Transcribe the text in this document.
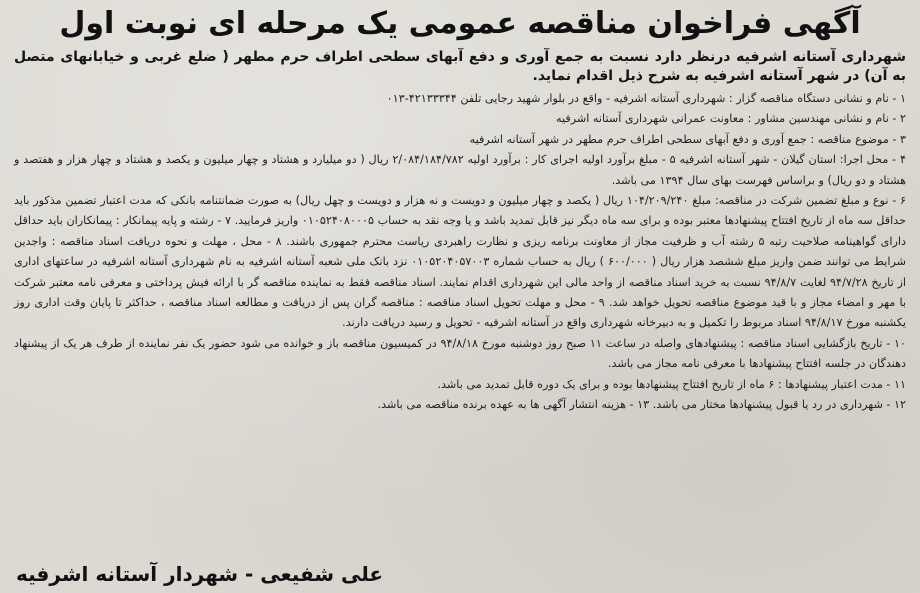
آگهی فراخوان مناقصه عمومی یک مرحله ای نوبت اول

شهرداری آستانه اشرفیه درنظر دارد نسبت به جمع آوری و دفع آبهای سطحی اطراف حرم مطهر ( ضلع غربی و خیابانهای متصل به آن) در شهر آستانه اشرفیه به شرح ذیل اقدام نماید.

۱ - نام و نشانی دستگاه مناقصه گزار : شهرداری آستانه اشرفیه - واقع در بلوار شهید رجایی تلفن ۴۲۱۳۳۳۴۴-۰۱۳

۲ - نام و نشانی مهندسین مشاور : معاونت عمرانی شهرداری آستانه اشرفیه

۳ - موضوع مناقصه : جمع آوری و دفع آبهای سطحی اطراف حرم مطهر در شهر آستانه اشرفیه

۴ - محل اجرا: استان گیلان - شهر آستانه اشرفیه ۵ - مبلغ برآورد اولیه اجرای کار : برآورد اولیه ۲/۰۸۴/۱۸۴/۷۸۲ ریال ( دو میلیارد و هشتاد و چهار میلیون و یکصد و هشتاد و چهار هزار و هفتصد و هشتاد و دو ریال) و براساس فهرست بهای سال ۱۳۹۴ می باشد.

۶ - نوع و مبلغ تضمین شرکت در مناقصه: مبلغ ۱۰۴/۲۰۹/۲۴۰ ریال ( یکصد و چهار میلیون و دویست و نه هزار و دویست و چهل ریال) به صورت ضمانتنامه بانکی که مدت اعتبار تضمین مذکور باید حداقل سه ماه از تاریخ افتتاح پیشنهادها معتبر بوده و برای سه ماه دیگر نیز قابل تمدید باشد و یا وجه نقد به حساب ۰۱۰۵۲۴۰۸۰۰۰۵ واریز فرمایید. ۷ - رشته و پایه پیمانکار : پیمانکاران باید حداقل دارای گواهینامه صلاحیت رتبه ۵ رشته آب و ظرفیت مجاز از معاونت برنامه ریزی و نظارت راهبردی ریاست محترم جمهوری باشند. ۸ - محل ، مهلت و نحوه دریافت اسناد مناقصه : واجدین شرایط می توانند ضمن واریز مبلغ ششصد هزار ریال ( ۶۰۰/۰۰۰ ) ریال به حساب شماره ۰۱۰۵۲۰۴۰۵۷۰۰۳ نزد بانک ملی شعبه آستانه اشرفیه به نام شهرداری آستانه اشرفیه در ساعتهای اداری از تاریخ ۹۴/۷/۲۸ لغایت ۹۴/۸/۷ نسبت به خرید اسناد مناقصه از واحد مالی این شهرداری اقدام نمایند. اسناد مناقصه فقط به نماینده مناقصه گر با ارائه فیش پرداختی و معرفی نامه معتبر شرکت با مهر و امضاء مجاز و با قید موضوع مناقصه تحویل خواهد شد. ۹ - محل و مهلت تحویل اسناد مناقصه : مناقصه گران پس از دریافت و مطالعه اسناد مناقصه ، حداکثر تا پایان وقت اداری روز یکشنبه مورخ ۹۴/۸/۱۷ اسناد مربوط را تکمیل و به دبیرخانه شهرداری واقع در آستانه اشرفیه - تحویل و رسید دریافت دارند.

۱۰ - تاریخ بازگشایی اسناد مناقصه : پیشنهادهای واصله در ساعت ۱۱ صبح روز دوشنبه مورخ ۹۴/۸/۱۸ در کمیسیون مناقصه باز و خوانده می شود حضور یک نفر نماینده از طرف هر یک از پیشنهاد دهندگان در جلسه افتتاح پیشنهادها با معرفی نامه مجاز می باشد.

۱۱ - مدت اعتبار پیشنهادها : ۶ ماه از تاریخ افتتاح پیشنهادها بوده و برای یک دوره قابل تمدید می باشد.

۱۲ - شهرداری در رد یا قبول پیشنهادها مختار می باشد. ۱۳ - هزینه انتشار آگهی ها به عهده برنده مناقصه می باشد.

علی شفیعی - شهردار آستانه اشرفیه
